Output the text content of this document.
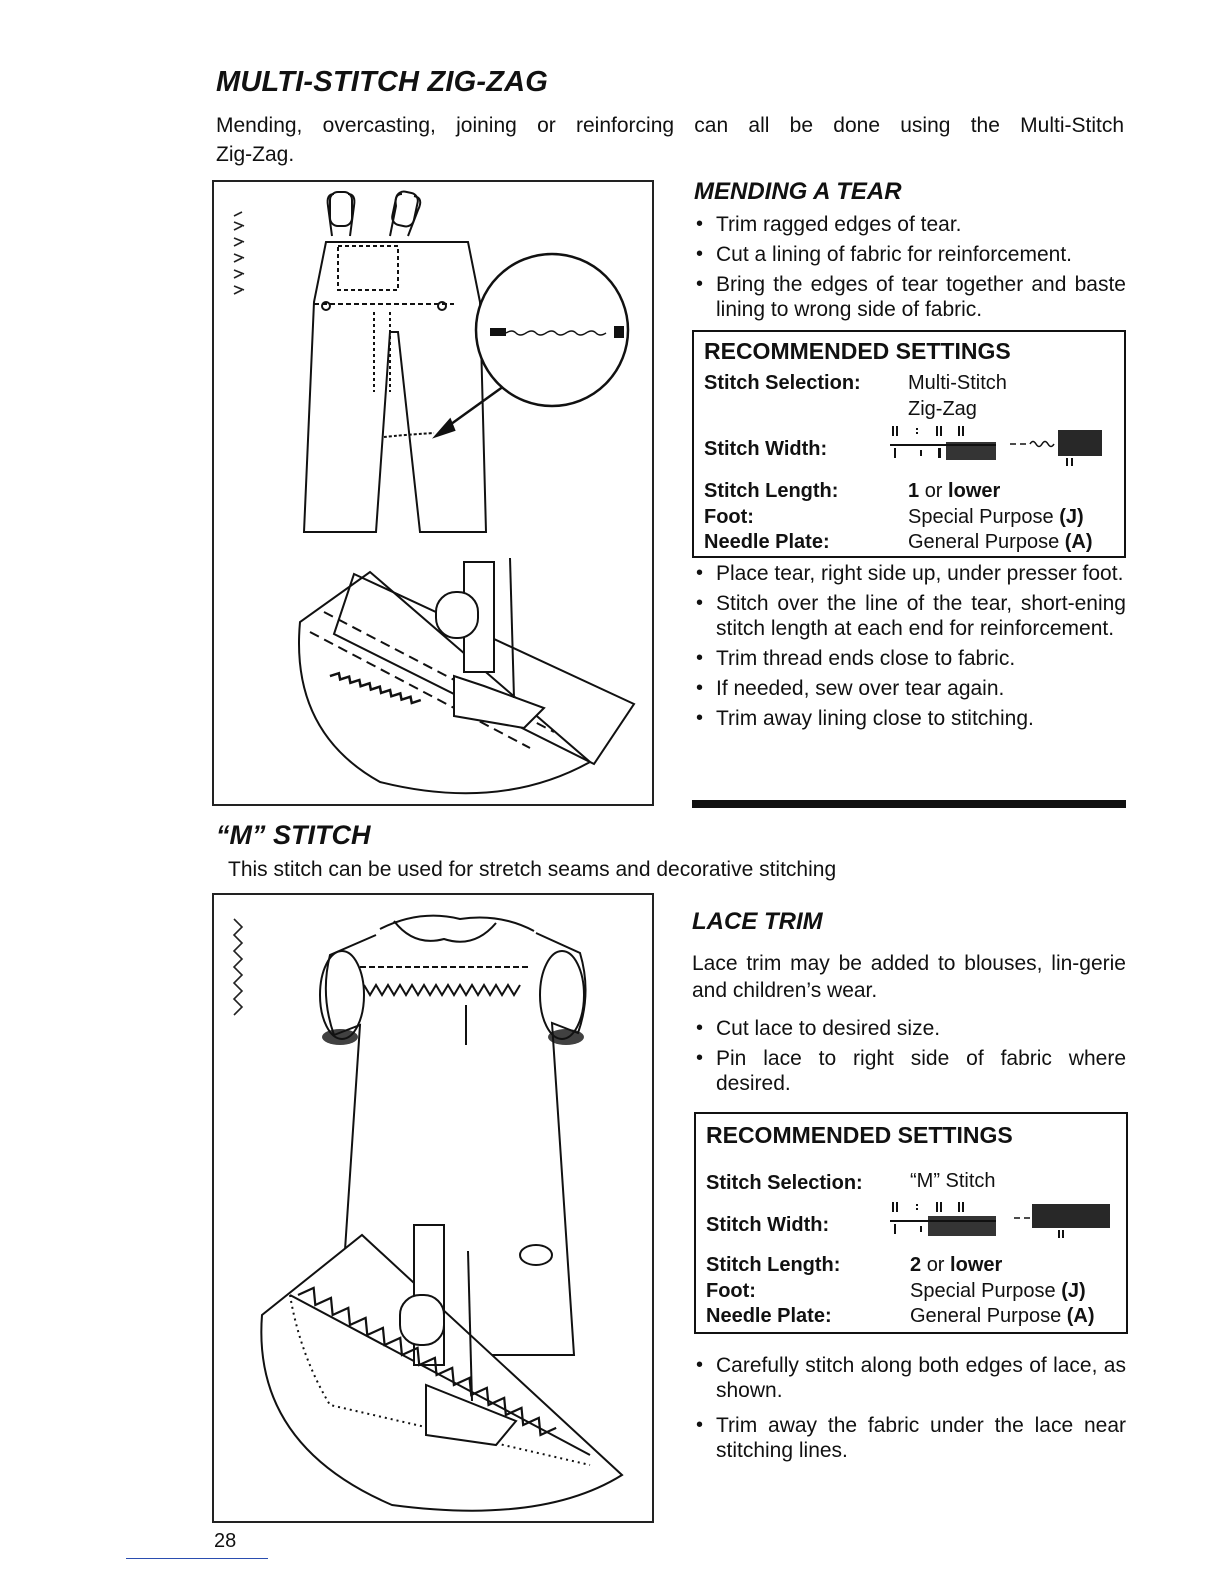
MULTI-STITCH ZIG-ZAG
Mending, overcasting, joining or reinforcing can all be done using the Multi-Stitch
Zig-Zag.
MENDING A TEAR
• Trim ragged edges of tear.
• Cut a lining of fabric for reinforcement.
• Bring the edges of tear together and baste lining to wrong side of fabric.
RECOMMENDED SETTINGS
Stitch Selection: Multi-Stitch
Zig-Zag
Stitch Width:
Stitch Length:	1 or lower
Foot:	Special Purpose (J)
Needle Plate:	General Purpose (A)
• Place tear, right side up, under presser foot.
• Stitch over the line of the tear, short-ening stitch length at each end for reinforcement.
• Trim thread ends close to fabric.
• If needed, sew over tear again.
• Trim away lining close to stitching.
“M” STITCH
This stitch can be used for stretch seams and decorative stitching
LACE TRIM
Lace trim may be added to blouses, lin-gerie and children’s wear.
• Cut lace to desired size.
• Pin lace to right side of fabric where desired.
RECOMMENDED SETTINGS
Stitch Selection: “M” Stitch
Stitch Width:
Stitch Length:	2 or lower
Foot:	Special Purpose (J)
Needle Plate:	General Purpose (A)
• Carefully stitch along both edges of lace, as shown.
• Trim away the fabric under the lace near stitching lines.
28
